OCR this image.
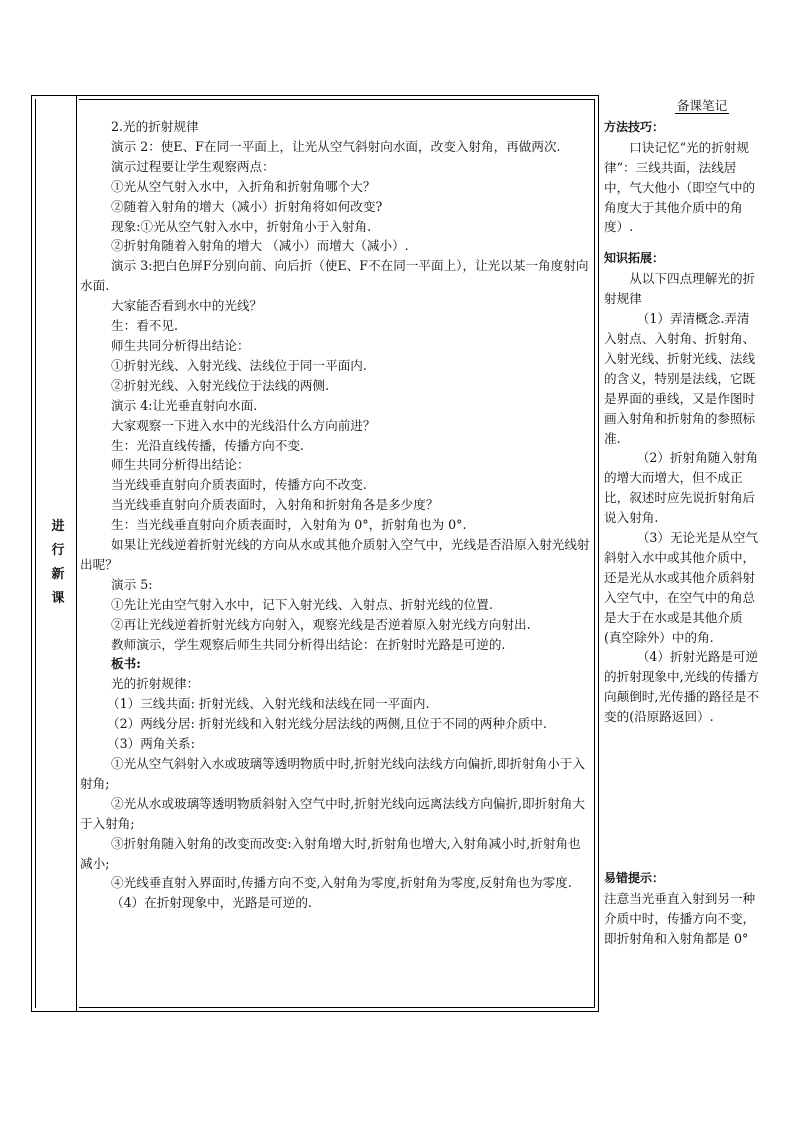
进
行
新
课

2.光的折射规律

演示 2：使E、F在同一平面上，让光从空气斜射向水面，改变入射角，再做两次.

演示过程要让学生观察两点：

①光从空气射入水中，入折角和折射角哪个大？

②随着入射角的增大（减小）折射角将如何改变?

现象:①光从空气射入水中，折射角小于入射角.

②折射角随着入射角的增大 （减小）而增大（减小）.

演示 3:把白色屏F分别向前、向后折（使E、F不在同一平面上），让光以某一角度射向水面.

大家能否看到水中的光线？

生：看不见.

师生共同分析得出结论：

①折射光线、入射光线、法线位于同一平面内.

②折射光线、入射光线位于法线的两侧.

演示 4:让光垂直射向水面.

大家观察一下进入水中的光线沿什么方向前进？

生：光沿直线传播，传播方向不变.

师生共同分析得出结论：

当光线垂直射向介质表面时，传播方向不改变.

当光线垂直射向介质表面时，入射角和折射角各是多少度？

生：当光线垂直射向介质表面时，入射角为 0°，折射角也为 0°.

如果让光线逆着折射光线的方向从水或其他介质射入空气中，光线是否沿原入射光线射出呢？

演示 5:

①先让光由空气射入水中，记下入射光线、入射点、折射光线的位置.

②再让光线逆着折射光线方向射入，观察光线是否逆着原入射光线方向射出.

教师演示，学生观察后师生共同分析得出结论：在折射时光路是可逆的.

板书:

光的折射规律：

（1）三线共面: 折射光线、入射光线和法线在同一平面内.

（2）两线分居: 折射光线和入射光线分居法线的两侧,且位于不同的两种介质中.

（3）两角关系:

①光从空气斜射入水或玻璃等透明物质中时,折射光线向法线方向偏折,即折射角小于入射角;

②光从水或玻璃等透明物质斜射入空气中时,折射光线向远离法线方向偏折,即折射角大于入射角;

③折射角随入射角的改变而改变:入射角增大时,折射角也增大,入射角减小时,折射角也减小;

④光线垂直射入界面时,传播方向不变,入射角为零度,折射角为零度,反射角也为零度.

（4）在折射现象中，光路是可逆的.

备课笔记

方法技巧：

口诀记忆“光的折射规律”：三线共面，法线居中，气大他小（即空气中的角度大于其他介质中的角度）.

知识拓展：

从以下四点理解光的折射规律

（1）弄清概念.弄清入射点、入射角、折射角、入射光线、折射光线、法线的含义，特别是法线，它既是界面的垂线，又是作图时画入射角和折射角的参照标准.

（2）折射角随入射角的增大而增大，但不成正比，叙述时应先说折射角后说入射角.

（3）无论光是从空气斜射入水中或其他介质中，还是光从水或其他介质斜射入空气中，在空气中的角总是大于在水或是其他介质(真空除外）中的角.

（4）折射光路是可逆的折射现象中,光线的传播方向颠倒时,光传播的路径是不变的(沿原路返回）.

易错提示：

注意当光垂直入射到另一种介质中时，传播方向不变，即折射角和入射角都是 0°
